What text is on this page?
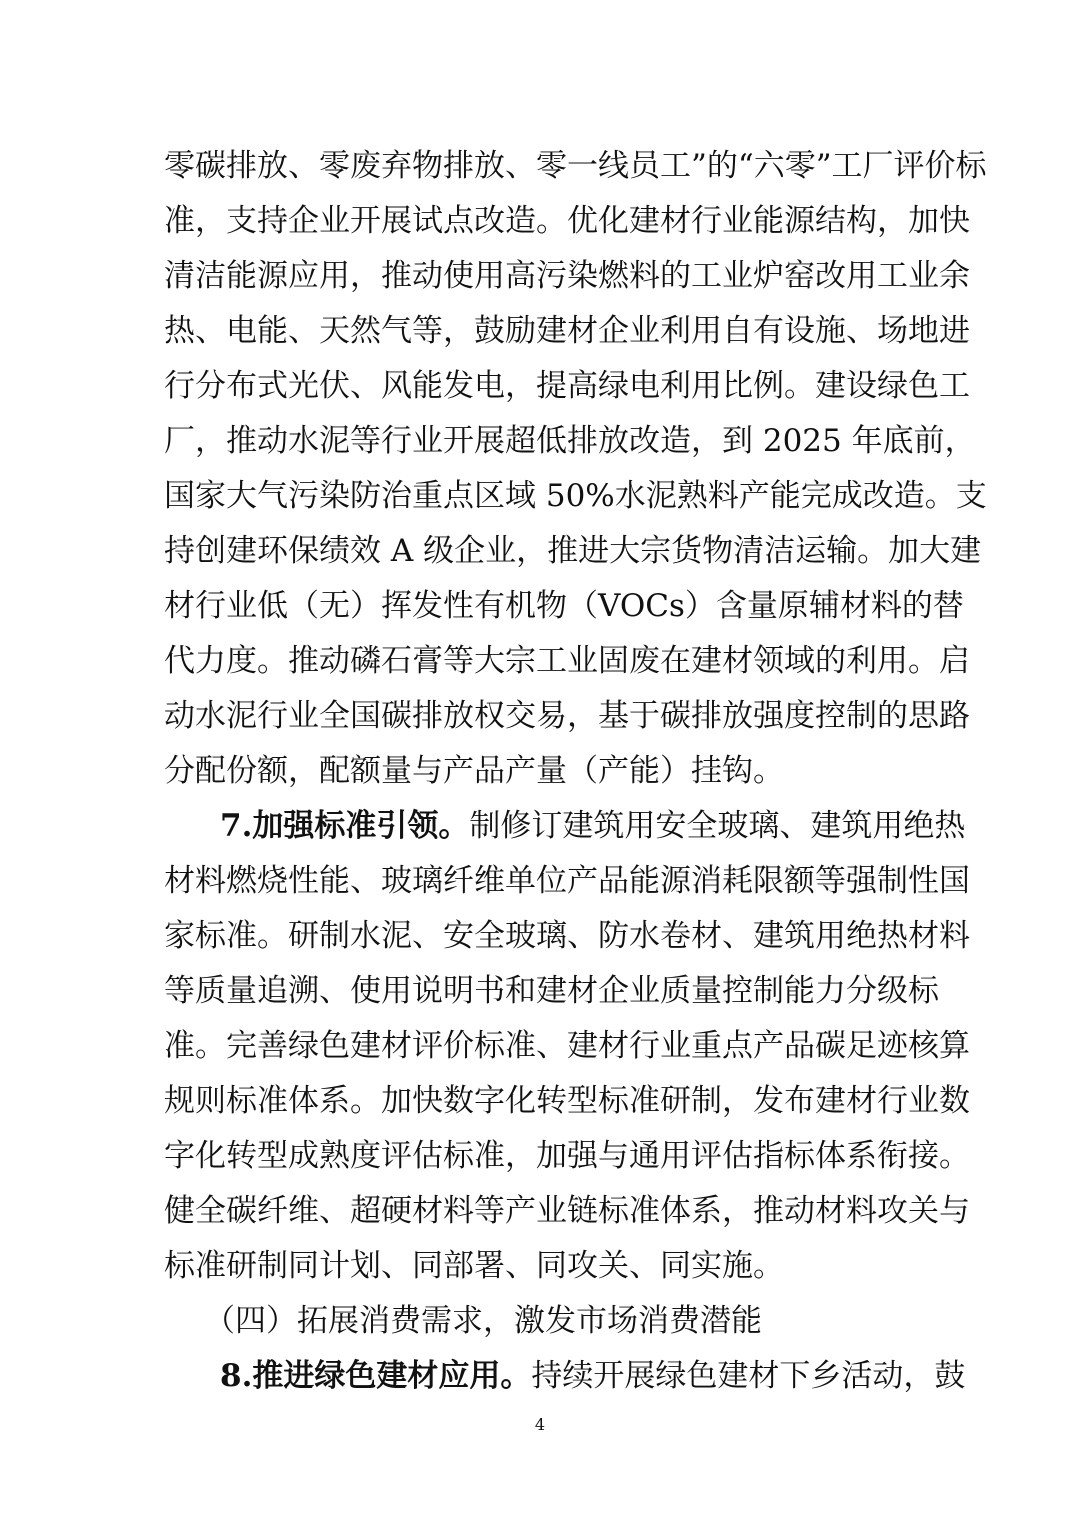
零碳排放、零废弃物排放、零一线员工”的“六零”工厂评价标
准，支持企业开展试点改造。优化建材行业能源结构，加快
清洁能源应用，推动使用高污染燃料的工业炉窑改用工业余
热、电能、天然气等，鼓励建材企业利用自有设施、场地进
行分布式光伏、风能发电，提高绿电利用比例。建设绿色工
厂，推动水泥等行业开展超低排放改造，到 2025 年底前，
国家大气污染防治重点区域 50%水泥熟料产能完成改造。支
持创建环保绩效 A 级企业，推进大宗货物清洁运输。加大建
材行业低（无）挥发性有机物（VOCs）含量原辅材料的替
代力度。推动磷石膏等大宗工业固废在建材领域的利用。启
动水泥行业全国碳排放权交易，基于碳排放强度控制的思路
分配份额，配额量与产品产量（产能）挂钩。
7.加强标准引领。制修订建筑用安全玻璃、建筑用绝热
材料燃烧性能、玻璃纤维单位产品能源消耗限额等强制性国
家标准。研制水泥、安全玻璃、防水卷材、建筑用绝热材料
等质量追溯、使用说明书和建材企业质量控制能力分级标
准。完善绿色建材评价标准、建材行业重点产品碳足迹核算
规则标准体系。加快数字化转型标准研制，发布建材行业数
字化转型成熟度评估标准，加强与通用评估指标体系衔接。
健全碳纤维、超硬材料等产业链标准体系，推动材料攻关与
标准研制同计划、同部署、同攻关、同实施。
（四）拓展消费需求，激发市场消费潜能
8.推进绿色建材应用。持续开展绿色建材下乡活动，鼓
4
